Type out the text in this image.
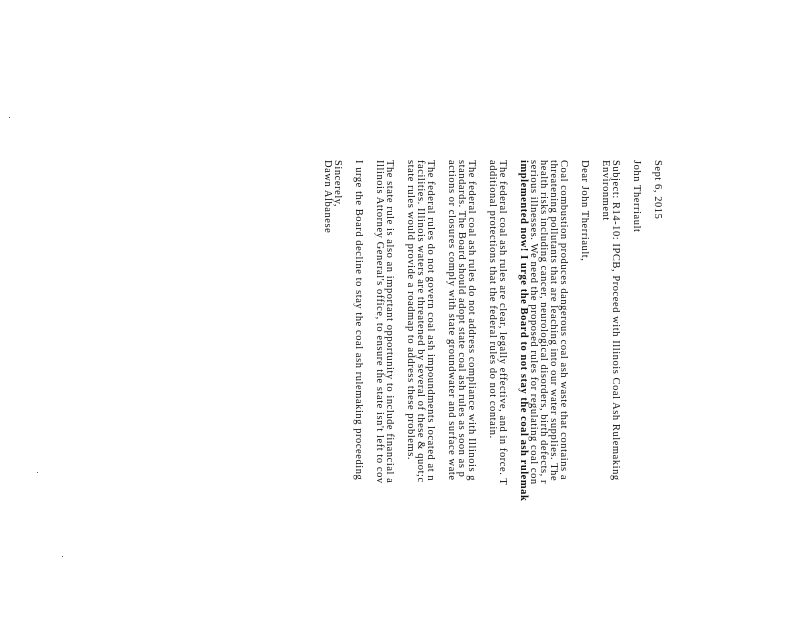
Sept 6, 2015
John Therriault
Subject: R14-10: IPCB, Proceed with Illinois Coal Ash Rulemaking
Environment
Dear John Therriault,
Coal combustion produces dangerous coal ash waste that contains a
threatening pollutants that are leaching into our water supplies. The
health risks including cancer, neurological disorders, birth defects, r
serious illnesses. We need the proposed rules for regulating coal con
implemented now! I urge the Board to not stay the coal ash rulemak
The federal coal ash rules are clear, legally effective, and in force. T
additional protections that the federal rules do not contain.
The federal coal ash rules do not address compliance with Illinois g
standards. The Board should adopt state coal ash rules as soon as p
actions or closures comply with state groundwater and surface wate
The federal rules do not govern coal ash impoundments located at n
facilities. Illinois waters are threatened by several of these & quot;c
state rules would provide a roadmap to address these problems.
The state rule is also an important opportunity to include financial a
Illinois Attorney General's office, to ensure the state isn't left to cov
I urge the Board decline to stay the coal ash rulemaking proceeding
Sincerely,
Dawn Albanese
